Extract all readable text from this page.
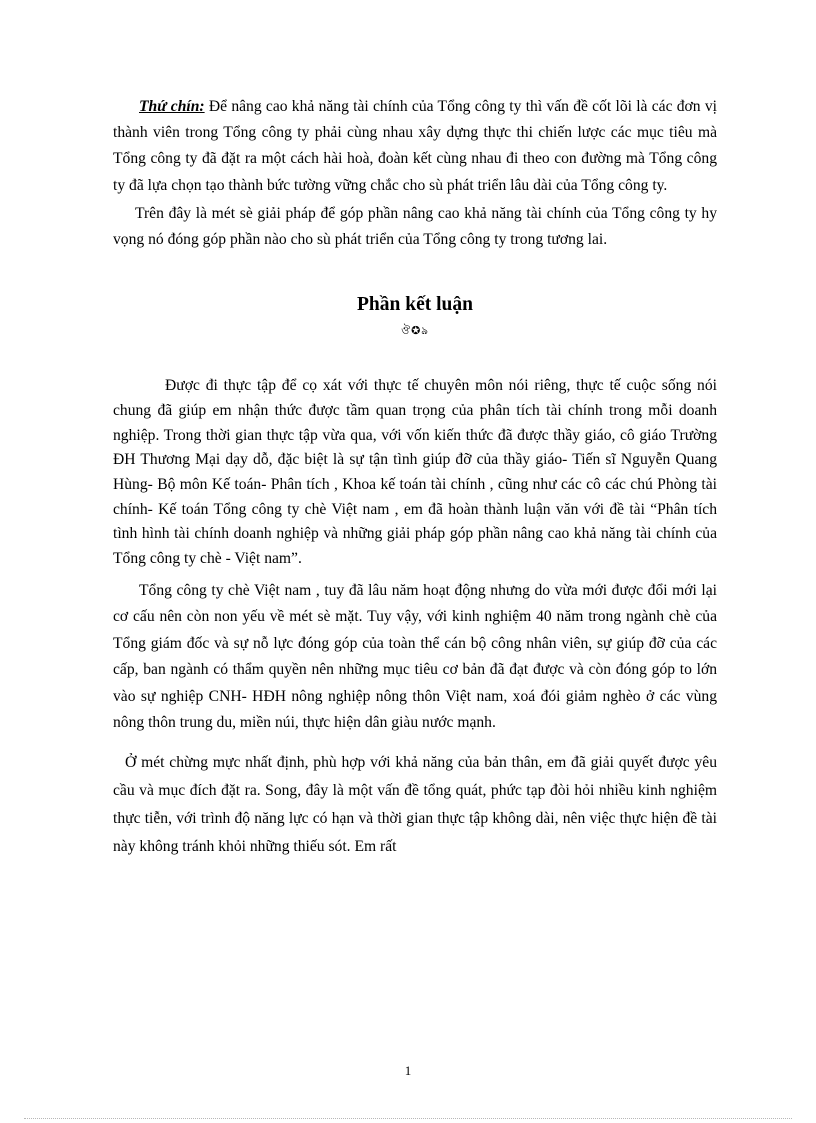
Thứ chín: Để nâng cao khả năng tài chính của Tổng công ty thì vấn đề cốt lõi là các đơn vị thành viên trong Tổng công ty phải cùng nhau xây dựng thực thi chiến lược các mục tiêu mà Tổng công ty đã đặt ra một cách hài hoà, đoàn kết cùng nhau đi theo con đường mà Tổng công ty đã lựa chọn tạo thành bức tường vững chắc cho sù phát triển lâu dài của Tổng công ty.

Trên đây là mét sè giải pháp để góp phần nâng cao khả năng tài chính của Tổng công ty hy vọng nó đóng góp phần nào cho sù phát triển của Tổng công ty trong tương lai.

Phần kết luận
ঔ✪ঌ

Được đi thực tập để cọ xát với thực tế chuyên môn nói riêng, thực tế cuộc sống nói chung đã giúp em nhận thức được tầm quan trọng của phân tích tài chính trong mỗi doanh nghiệp. Trong thời gian thực tập vừa qua, với vốn kiến thức đã được thầy giáo, cô giáo Trường ĐH Thương Mại dạy dỗ, đặc biệt là sự tận tình giúp đỡ của thầy giáo- Tiến sĩ Nguyễn Quang Hùng- Bộ môn Kế toán- Phân tích , Khoa kế toán tài chính , cũng như các cô các chú Phòng tài chính- Kế toán Tổng công ty chè Việt nam , em đã hoàn thành luận văn với đề tài “Phân tích tình hình tài chính doanh nghiệp và những giải pháp góp phần nâng cao khả năng tài chính của Tổng công ty chè - Việt nam”.

Tổng công ty chè Việt nam , tuy đã lâu năm hoạt động nhưng do vừa mới được đổi mới lại cơ cấu nên còn non yếu về mét sè mặt. Tuy vậy, với kinh nghiệm 40 năm trong ngành chè của Tổng giám đốc và sự nỗ lực đóng góp của toàn thể cán bộ công nhân viên, sự giúp đỡ của các cấp, ban ngành có thẩm quyền nên những mục tiêu cơ bản đã đạt được và còn đóng góp to lớn vào sự nghiệp CNH- HĐH nông nghiệp nông thôn Việt nam, xoá đói giảm nghèo ở các vùng nông thôn trung du, miền núi, thực hiện dân giàu nước mạnh.

Ở mét chừng mực nhất định, phù hợp với khả năng của bản thân, em đã giải quyết được yêu cầu và mục đích đặt ra. Song, đây là một vấn đề tổng quát, phức tạp đòi hỏi nhiều kinh nghiệm thực tiễn, với trình độ năng lực có hạn và thời gian thực tập không dài, nên việc thực hiện đề tài này không tránh khỏi những thiếu sót. Em rất

1
